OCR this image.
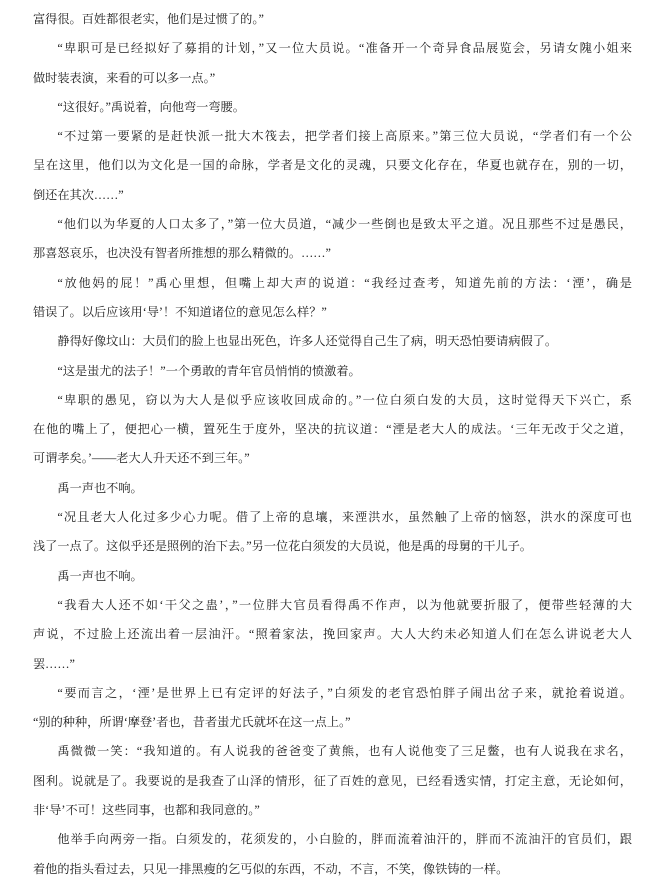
富得很。百姓都很老实，他们是过惯了的。”
“卑职可是已经拟好了募捐的计划，”又一位大员说。“准备开一个奇异食品展览会，另请女隗小姐来
做时装表演，来看的可以多一点。”
“这很好。”禹说着，向他弯一弯腰。
“不过第一要紧的是赶快派一批大木筏去，把学者们接上高原来。”第三位大员说，“学者们有一个公
呈在这里，他们以为文化是一国的命脉，学者是文化的灵魂，只要文化存在，华夏也就存在，别的一切，
倒还在其次……”
“他们以为华夏的人口太多了，”第一位大员道，“减少一些倒也是致太平之道。况且那些不过是愚民，
那喜怒哀乐，也决没有智者所推想的那么精微的。……”
“放他妈的屁！”禹心里想，但嘴上却大声的说道：“我经过查考，知道先前的方法：‘湮’，确是
错误了。以后应该用‘导’！不知道诸位的意见怎么样？”
静得好像坟山：大员们的脸上也显出死色，许多人还觉得自己生了病，明天恐怕要请病假了。
“这是蚩尤的法子！”一个勇敢的青年官员悄悄的愤激着。
“卑职的愚见，窃以为大人是似乎应该收回成命的。”一位白须白发的大员，这时觉得天下兴亡，系
在他的嘴上了，便把心一横，置死生于度外，坚决的抗议道：“湮是老大人的成法。‘三年无改于父之道，
可谓孝矣。’——老大人升天还不到三年。”
禹一声也不响。
“况且老大人化过多少心力呢。借了上帝的息壤，来湮洪水，虽然触了上帝的恼怒，洪水的深度可也
浅了一点了。这似乎还是照例的治下去。”另一位花白须发的大员说，他是禹的母舅的干儿子。
禹一声也不响。
“我看大人还不如‘干父之蛊’，”一位胖大官员看得禹不作声，以为他就要折服了，便带些轻薄的大
声说，不过脸上还流出着一层油汗。“照着家法，挽回家声。大人大约未必知道人们在怎么讲说老大人
罢……”
“要而言之，‘湮’是世界上已有定评的好法子，”白须发的老官恐怕胖子闹出岔子来，就抢着说道。
“别的种种，所谓‘摩登’者也，昔者蚩尤氏就坏在这一点上。”
禹微微一笑：“我知道的。有人说我的爸爸变了黄熊，也有人说他变了三足鳖，也有人说我在求名，
图利。说就是了。我要说的是我查了山泽的情形，征了百姓的意见，已经看透实情，打定主意，无论如何，
非‘导’不可！这些同事，也都和我同意的。”
他举手向两旁一指。白须发的，花须发的，小白脸的，胖而流着油汗的，胖而不流油汗的官员们，跟
着他的指头看过去，只见一排黑瘦的乞丐似的东西，不动，不言，不笑，像铁铸的一样。
